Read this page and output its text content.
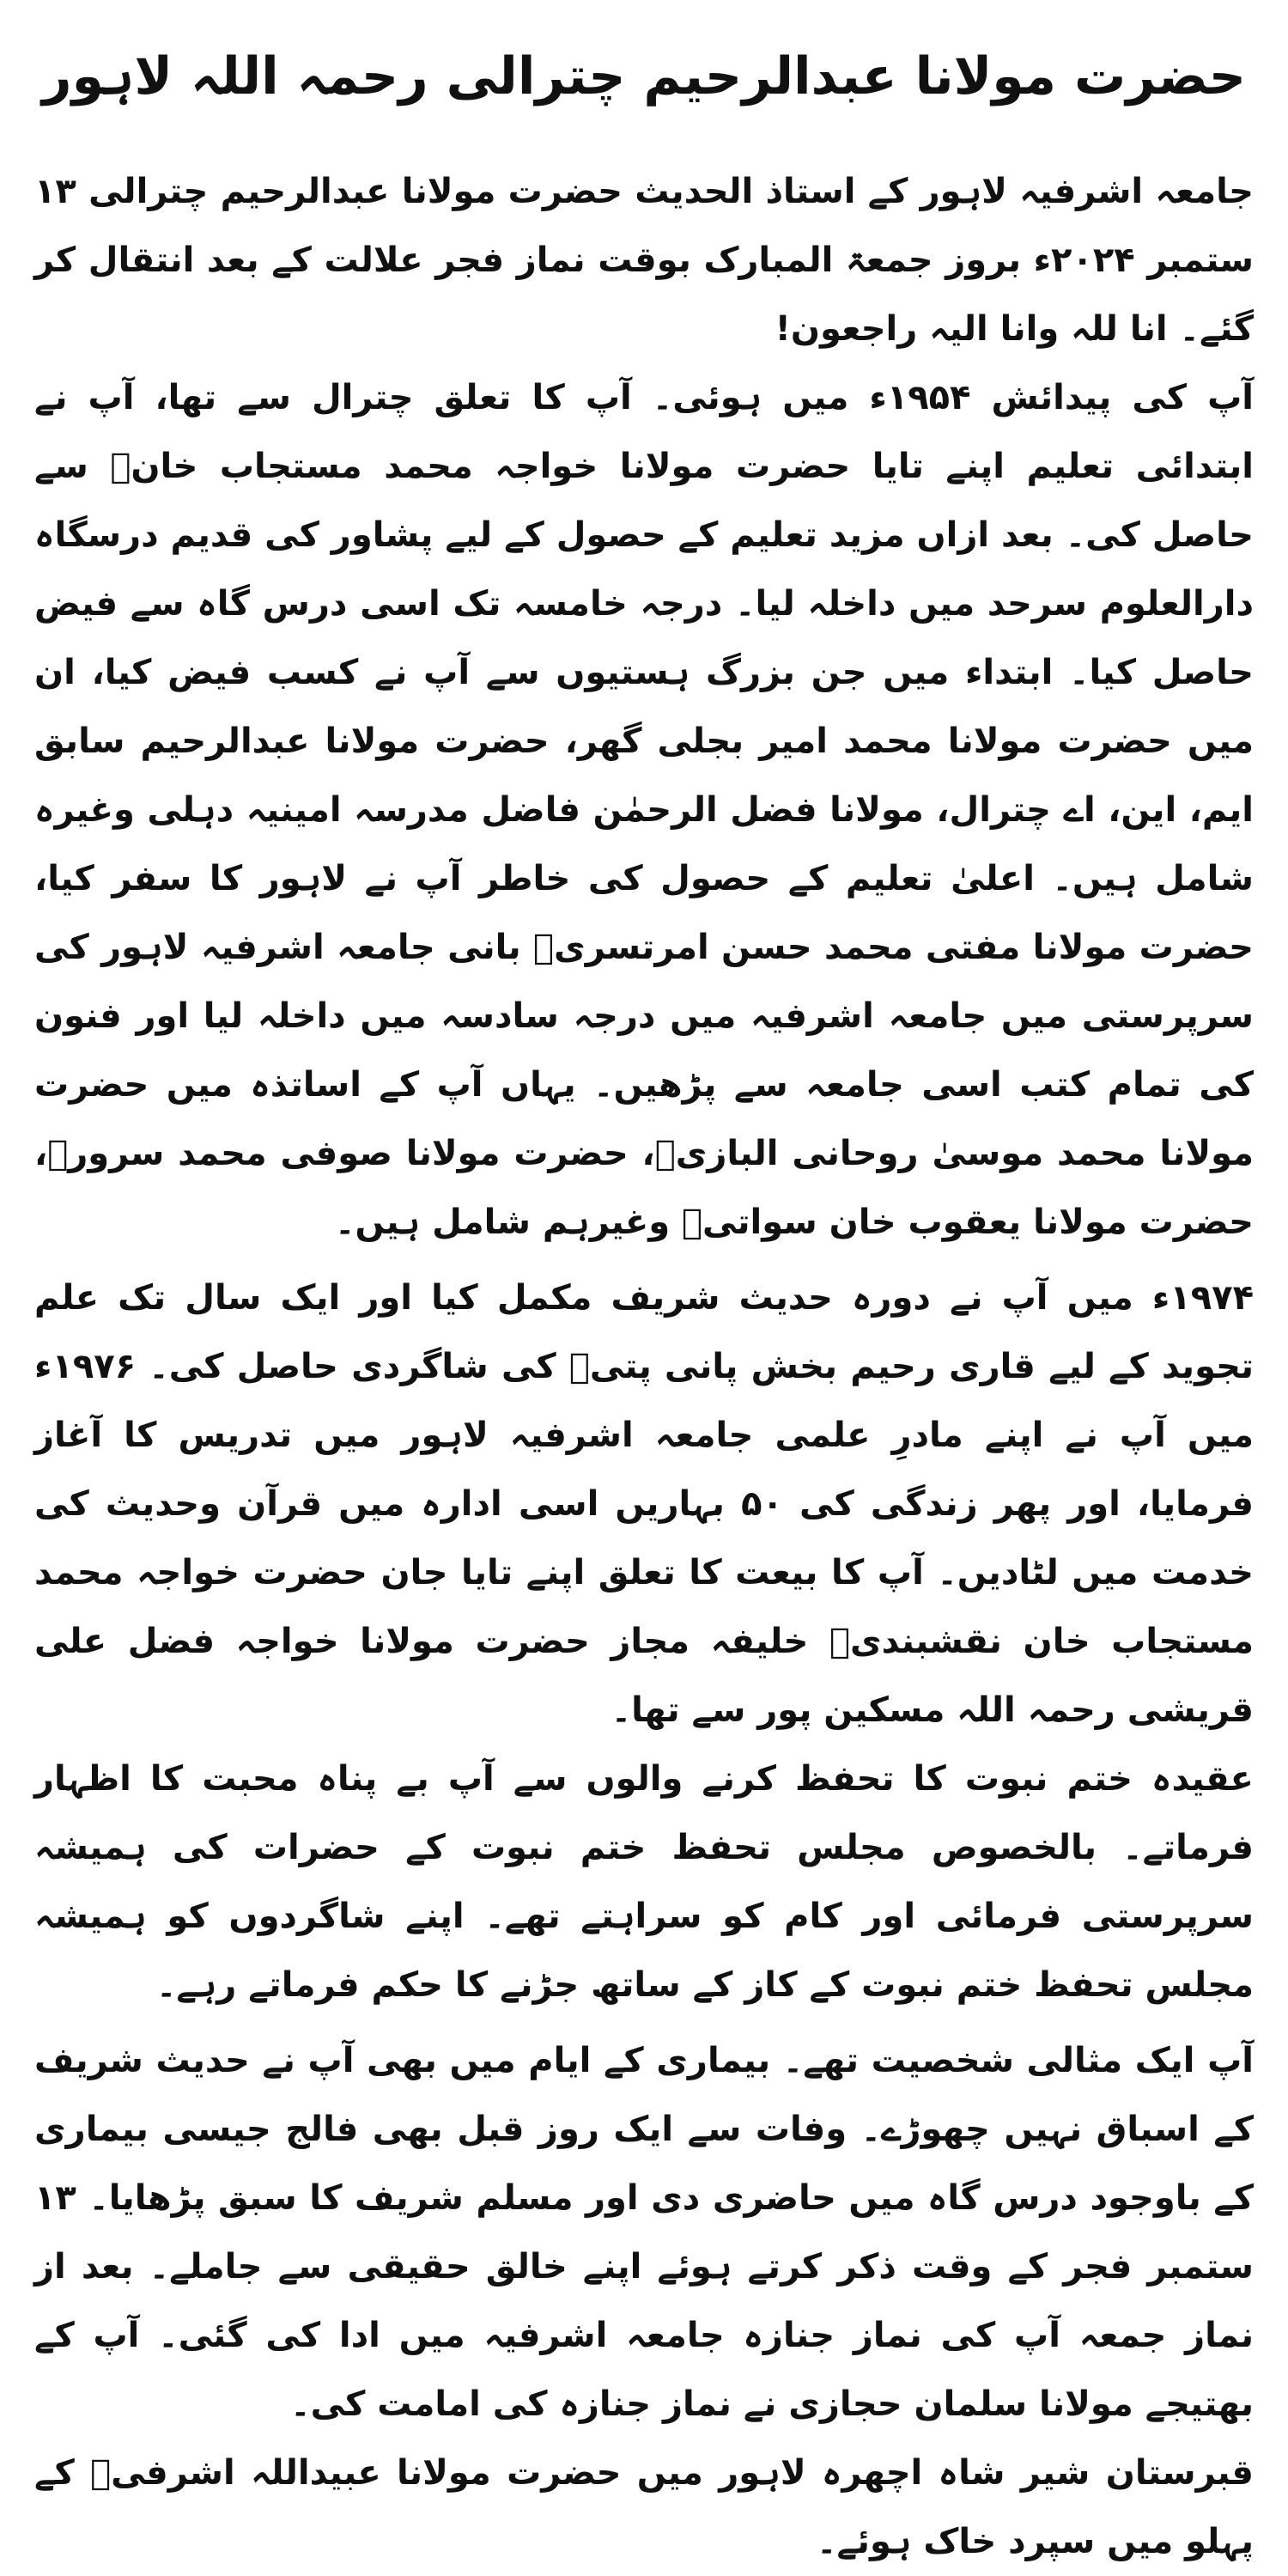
حضرت مولانا عبدالرحیم چترالی رحمہ اللہ لاہور

جامعہ اشرفیہ لاہور کے استاذ الحدیث حضرت مولانا عبدالرحیم چترالی ۱۳ ستمبر ۲۰۲۴ء بروز جمعۃ المبارک بوقت نماز فجر علالت کے بعد انتقال کر گئے۔ انا للہ وانا الیہ راجعون!

آپ کی پیدائش ۱۹۵۴ء میں ہوئی۔ آپ کا تعلق چترال سے تھا، آپ نے ابتدائی تعلیم اپنے تایا حضرت مولانا خواجہ محمد مستجاب خانؒ سے حاصل کی۔ بعد ازاں مزید تعلیم کے حصول کے لیے پشاور کی قدیم درسگاہ دارالعلوم سرحد میں داخلہ لیا۔ درجہ خامسہ تک اسی درس گاہ سے فیض حاصل کیا۔ ابتداء میں جن بزرگ ہستیوں سے آپ نے کسب فیض کیا، ان میں حضرت مولانا محمد امیر بجلی گھر، حضرت مولانا عبدالرحیم سابق ایم، این، اے چترال، مولانا فضل الرحمٰن فاضل مدرسہ امینیہ دہلی وغیرہ شامل ہیں۔ اعلیٰ تعلیم کے حصول کی خاطر آپ نے لاہور کا سفر کیا، حضرت مولانا مفتی محمد حسن امرتسریؒ بانی جامعہ اشرفیہ لاہور کی سرپرستی میں جامعہ اشرفیہ میں درجہ سادسہ میں داخلہ لیا اور فنون کی تمام کتب اسی جامعہ سے پڑھیں۔ یہاں آپ کے اساتذہ میں حضرت مولانا محمد موسیٰ روحانی البازیؒ، حضرت مولانا صوفی محمد سرورؒ، حضرت مولانا یعقوب خان سواتیؒ وغیرہم شامل ہیں۔

۱۹۷۴ء میں آپ نے دورہ حدیث شریف مکمل کیا اور ایک سال تک علم تجوید کے لیے قاری رحیم بخش پانی پتیؒ کی شاگردی حاصل کی۔ ۱۹۷۶ء میں آپ نے اپنے مادرِ علمی جامعہ اشرفیہ لاہور میں تدریس کا آغاز فرمایا، اور پھر زندگی کی ۵۰ بہاریں اسی ادارہ میں قرآن وحدیث کی خدمت میں لٹادیں۔ آپ کا بیعت کا تعلق اپنے تایا جان حضرت خواجہ محمد مستجاب خان نقشبندیؒ خلیفہ مجاز حضرت مولانا خواجہ فضل علی قریشی رحمہ اللہ مسکین پور سے تھا۔

عقیدہ ختم نبوت کا تحفظ کرنے والوں سے آپ بے پناہ محبت کا اظہار فرماتے۔ بالخصوص مجلس تحفظ ختم نبوت کے حضرات کی ہمیشہ سرپرستی فرمائی اور کام کو سراہتے تھے۔ اپنے شاگردوں کو ہمیشہ مجلس تحفظ ختم نبوت کے کاز کے ساتھ جڑنے کا حکم فرماتے رہے۔

آپ ایک مثالی شخصیت تھے۔ بیماری کے ایام میں بھی آپ نے حدیث شریف کے اسباق نہیں چھوڑے۔ وفات سے ایک روز قبل بھی فالج جیسی بیماری کے باوجود درس گاہ میں حاضری دی اور مسلم شریف کا سبق پڑھایا۔ ۱۳ ستمبر فجر کے وقت ذکر کرتے ہوئے اپنے خالق حقیقی سے جاملے۔ بعد از نماز جمعہ آپ کی نماز جنازہ جامعہ اشرفیہ میں ادا کی گئی۔ آپ کے بھتیجے مولانا سلمان حجازی نے نماز جنازہ کی امامت کی۔

قبرستان شیر شاہ اچھرہ لاہور میں حضرت مولانا عبیداللہ اشرفیؒ کے پہلو میں سپرد خاک ہوئے۔
